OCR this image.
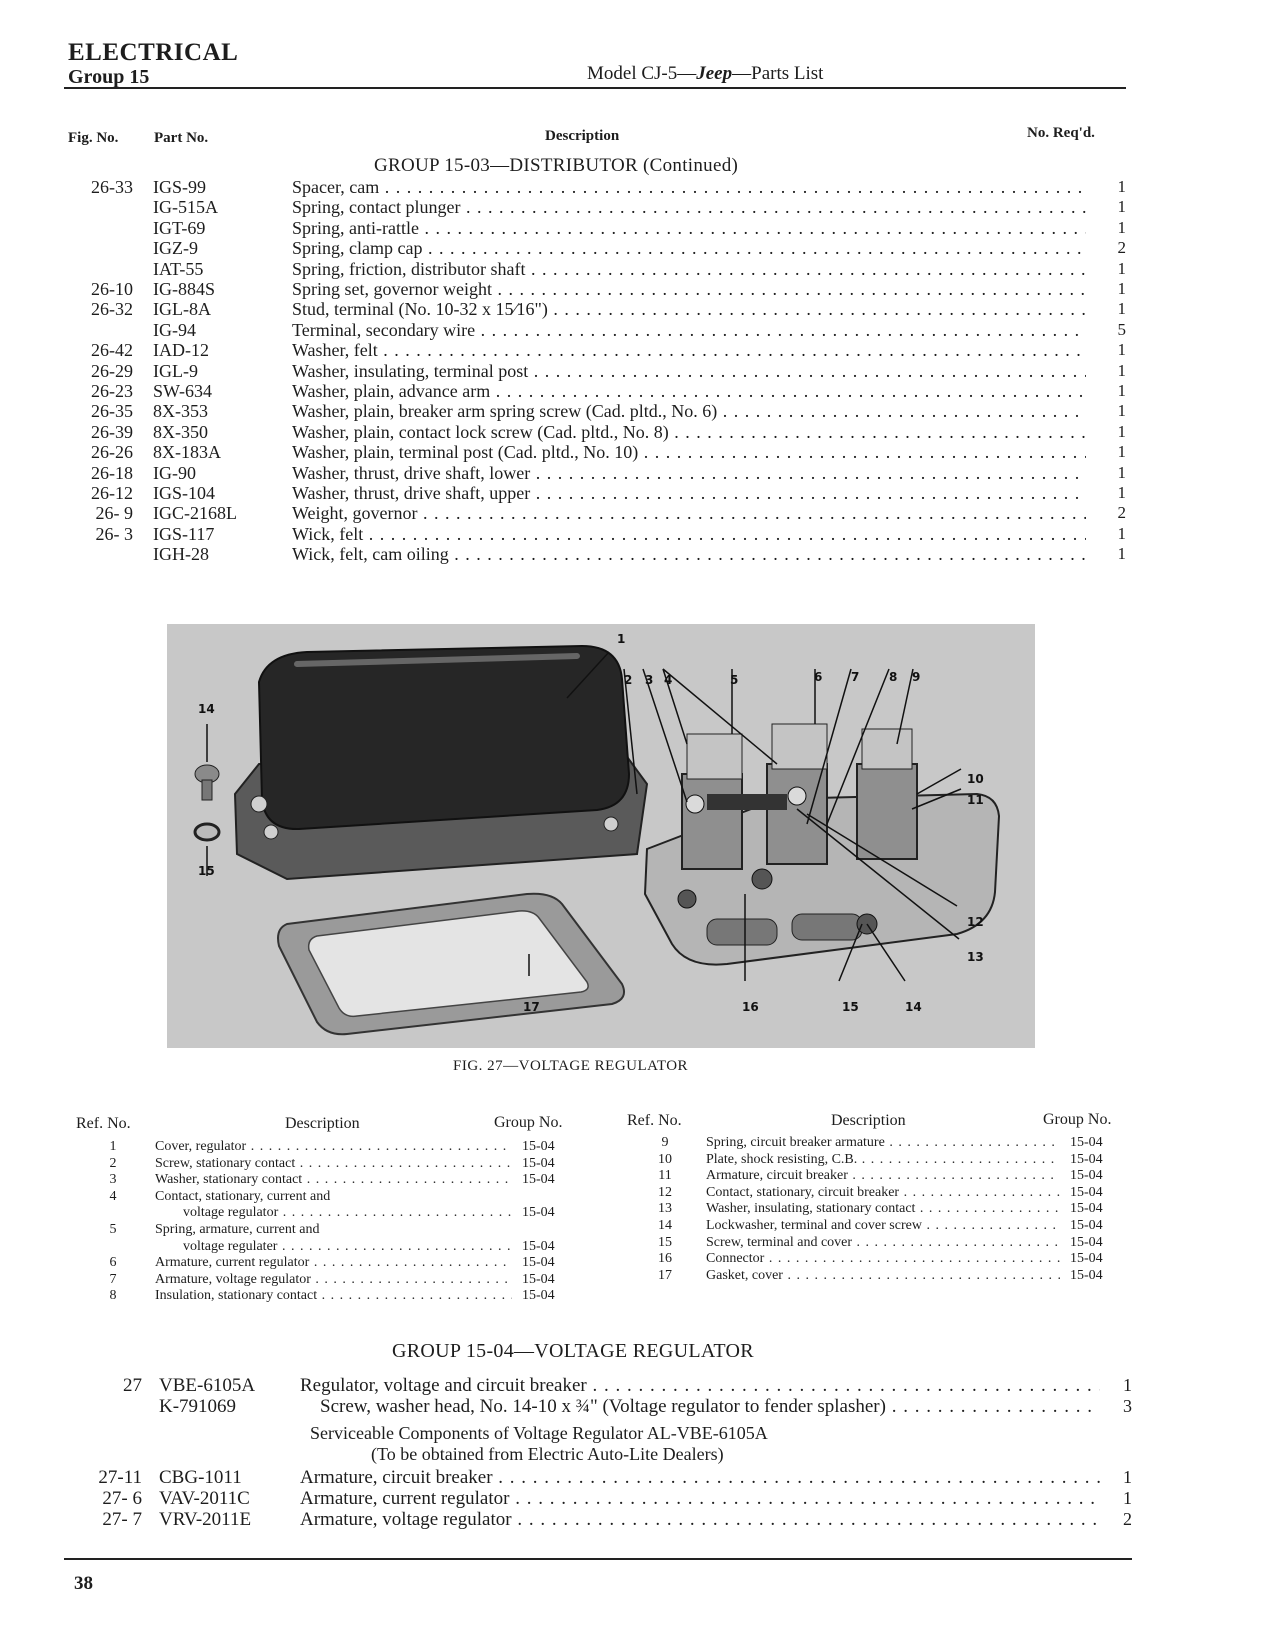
ELECTRICAL
Group 15	Model CJ-5—Jeep—Parts List
Fig. No. Part No.	Description	No. Req'd.
GROUP 15-03—DISTRIBUTOR (Continued)
26-33 IGS-99	Spacer, cam . . .	1
IG-515A	Spring, contact plunger . . .	1
IGT-69	Spring, anti-rattle . . .	1
IGZ-9	Spring, clamp cap . . .	2
IAT-55	Spring, friction, distributor shaft . . .	1
26-10 IG-884S	Spring set, governor weight . . .	1
26-32 IGL-8A	Stud, terminal (No. 10-32 x 15⁄16") . . .	1
IG-94	Terminal, secondary wire . . .	5
26-42 IAD-12	Washer, felt . . .	1
26-29 IGL-9	Washer, insulating, terminal post . . .	1
26-23 SW-634	Washer, plain, advance arm . . .	1
26-35 8X-353	Washer, plain, breaker arm spring screw (Cad. pltd., No. 6) . . .	1
26-39 8X-350	Washer, plain, contact lock screw (Cad. pltd., No. 8) . . .	1
26-26 8X-183A	Washer, plain, terminal post (Cad. pltd., No. 10) . . .	1
26-18 IG-90	Washer, thrust, drive shaft, lower . . .	1
26-12 IGS-104	Washer, thrust, drive shaft, upper . . .	1
26- 9 IGC-2168L	Weight, governor . . .	2
26- 3 IGS-117	Wick, felt . . .	1
IGH-28	Wick, felt, cam oiling . . .	1
1
2 3 4	5	6 7 8 9
10
11
12
13
14
15
16	15	14
17
FIG. 27—VOLTAGE REGULATOR
Ref. No.	Description	Group No.	Ref. No.	Description	Group No.
1	Cover, regulator . . .	15-04
2	Screw, stationary contact . . .	15-04
3	Washer, stationary contact . . .	15-04
4	Contact, stationary, current and
voltage regulator . . .	15-04
5	Spring, armature, current and
voltage regulater . . .	15-04
6	Armature, current regulator . . .	15-04
7	Armature, voltage regulator . . .	15-04
8	Insulation, stationary contact . . .	15-04
9	Spring, circuit breaker armature . . .	15-04
10	Plate, shock resisting, C.B. . . .	15-04
11	Armature, circuit breaker . . .	15-04
12	Contact, stationary, circuit breaker . . .	15-04
13	Washer, insulating, stationary contact . . .	15-04
14	Lockwasher, terminal and cover screw . . .	15-04
15	Screw, terminal and cover . . .	15-04
16	Connector . . .	15-04
17	Gasket, cover . . .	15-04
GROUP 15-04—VOLTAGE REGULATOR
27 VBE-6105A Regulator, voltage and circuit breaker . . .	1
K-791069	Screw, washer head, No. 14-10 x ¾" (Voltage regulator to fender splasher) . . .	3
Serviceable Components of Voltage Regulator AL-VBE-6105A
(To be obtained from Electric Auto-Lite Dealers)
27-11 CBG-1011	Armature, circuit breaker . . .	1
27- 6 VAV-2011C	Armature, current regulator . . .	1
27- 7 VRV-2011E	Armature, voltage regulator . . .	2
38
